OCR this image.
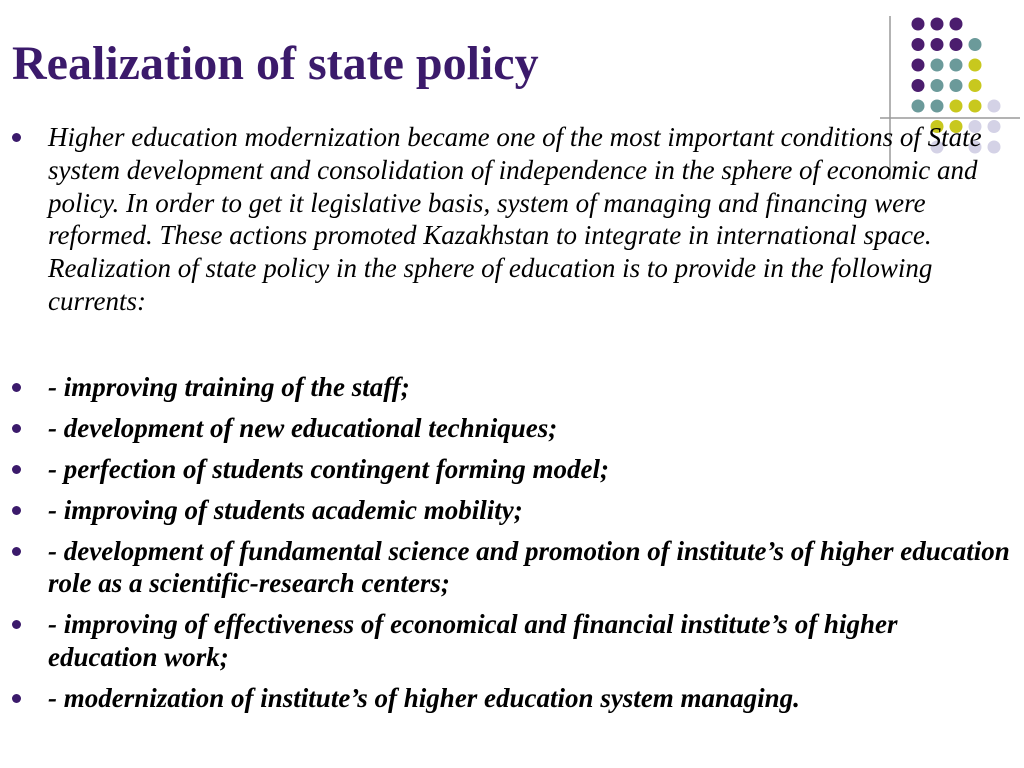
Realization of state policy
Higher education modernization became one of the most important conditions of State system development and consolidation of independence in the sphere of economic and policy. In order to get it legislative basis, system of managing and financing were reformed. These actions promoted Kazakhstan to integrate in international space. Realization of state policy in the sphere of education is to provide in the following currents:
- improving training of the staff;
- development of new educational techniques;
- perfection of students contingent forming model;
- improving of students academic mobility;
- development of fundamental science and promotion of institute’s of higher education role as a scientific-research centers;
- improving of effectiveness of economical and financial institute’s of higher education work;
- modernization of institute’s of higher education system managing.
